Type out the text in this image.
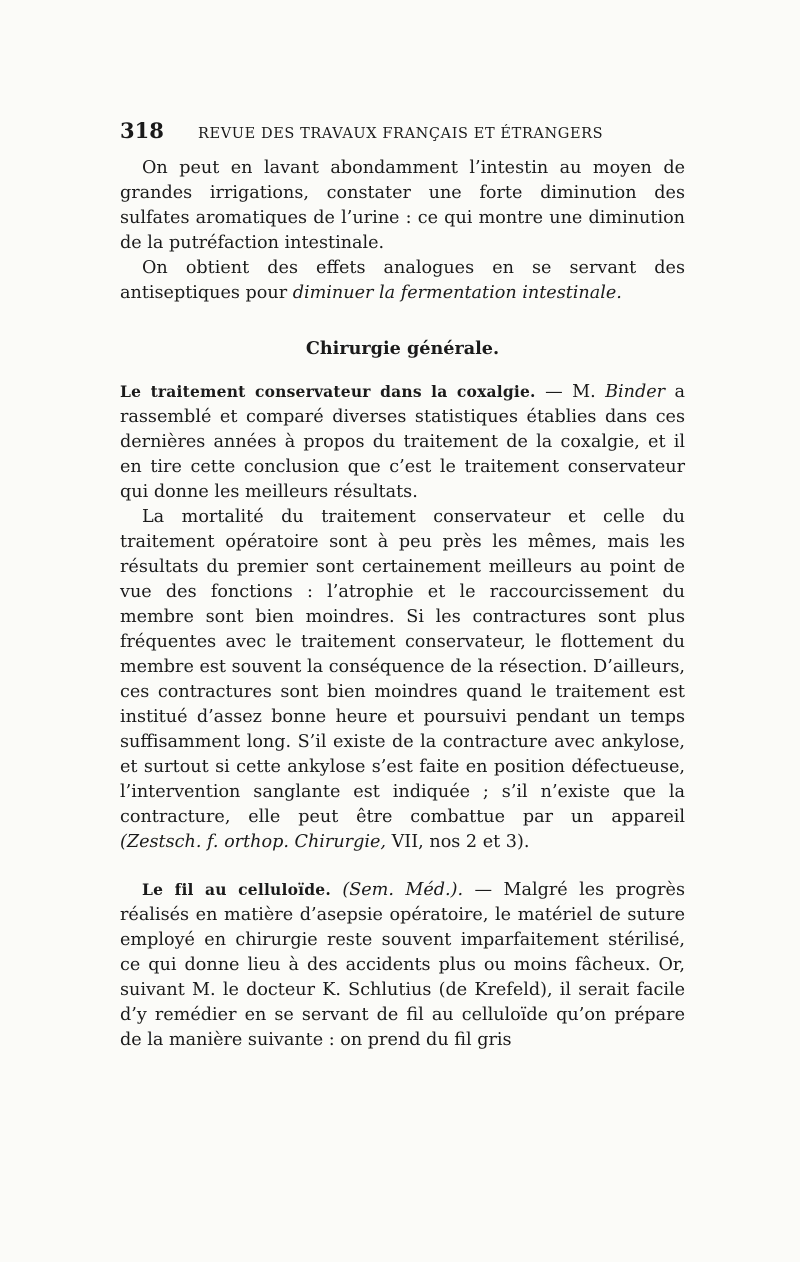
318	REVUE DES TRAVAUX FRANÇAIS ET ÉTRANGERS

On peut en lavant abondamment l’intestin au moyen de grandes irrigations, constater une forte diminution des sulfates aromatiques de l’urine : ce qui montre une diminution de la putréfaction intestinale.

On obtient des effets analogues en se servant des antiseptiques pour diminuer la fermentation intestinale.

Chirurgie générale.

Le traitement conservateur dans la coxalgie. — M. Binder a rassemblé et comparé diverses statistiques établies dans ces dernières années à propos du traitement de la coxalgie, et il en tire cette conclusion que c’est le traitement conservateur qui donne les meilleurs résultats.

La mortalité du traitement conservateur et celle du traitement opératoire sont à peu près les mêmes, mais les résultats du premier sont certainement meilleurs au point de vue des fonctions : l’atrophie et le raccourcissement du membre sont bien moindres. Si les contractures sont plus fréquentes avec le traitement conservateur, le flottement du membre est souvent la conséquence de la résection. D’ailleurs, ces contractures sont bien moindres quand le traitement est institué d’assez bonne heure et poursuivi pendant un temps suffisamment long. S’il existe de la contracture avec ankylose, et surtout si cette ankylose s’est faite en position défectueuse, l’intervention sanglante est indiquée ; s’il n’existe que la contracture, elle peut être combattue par un appareil (Zestsch. f. orthop. Chirurgie, VII, nos 2 et 3).

Le fil au celluloïde. (Sem. Méd.). — Malgré les progrès réalisés en matière d’asepsie opératoire, le matériel de suture employé en chirurgie reste souvent imparfaitement stérilisé, ce qui donne lieu à des accidents plus ou moins fâcheux. Or, suivant M. le docteur K. Schlutius (de Krefeld), il serait facile d’y remédier en se servant de fil au celluloïde qu’on prépare de la manière suivante : on prend du fil gris
